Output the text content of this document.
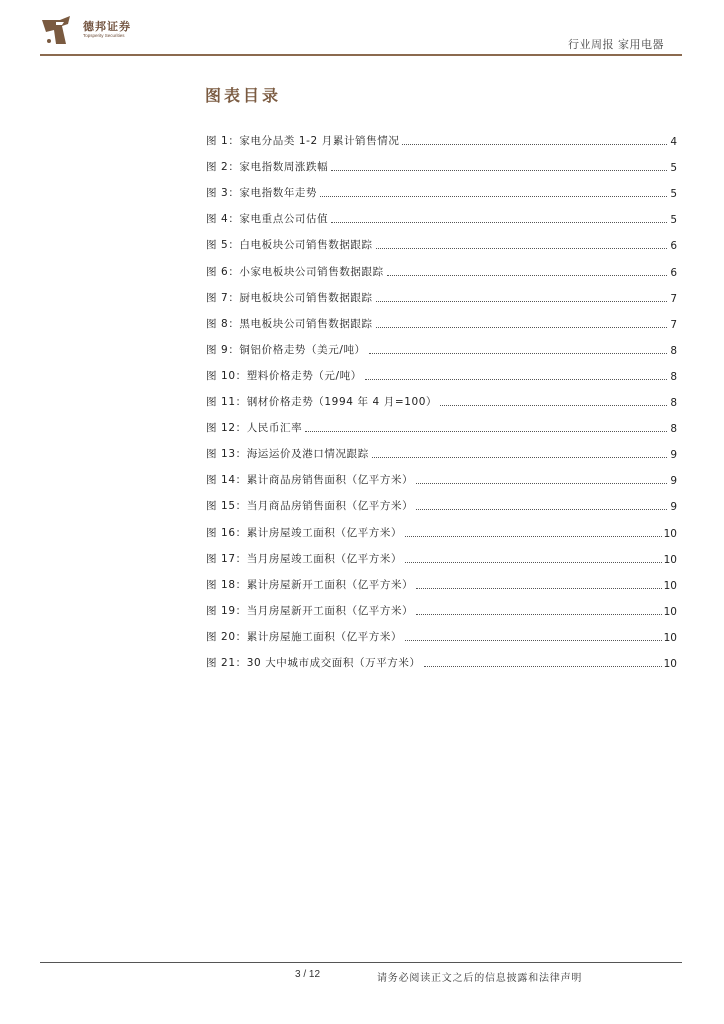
德邦证券
Topsperity Securities
行业周报 家用电器
图表目录
图 1：家电分品类 1-2 月累计销售情况	4
图 2：家电指数周涨跌幅	5
图 3：家电指数年走势	5
图 4：家电重点公司估值	5
图 5：白电板块公司销售数据跟踪	6
图 6：小家电板块公司销售数据跟踪	6
图 7：厨电板块公司销售数据跟踪	7
图 8：黑电板块公司销售数据跟踪	7
图 9：铜铝价格走势（美元/吨）	8
图 10：塑料价格走势（元/吨）	8
图 11：钢材价格走势（1994 年 4 月=100）	8
图 12：人民币汇率	8
图 13：海运运价及港口情况跟踪	9
图 14：累计商品房销售面积（亿平方米）	9
图 15：当月商品房销售面积（亿平方米）	9
图 16：累计房屋竣工面积（亿平方米）	10
图 17：当月房屋竣工面积（亿平方米）	10
图 18：累计房屋新开工面积（亿平方米）	10
图 19：当月房屋新开工面积（亿平方米）	10
图 20：累计房屋施工面积（亿平方米）	10
图 21：30 大中城市成交面积（万平方米）	10
3 / 12	请务必阅读正文之后的信息披露和法律声明
